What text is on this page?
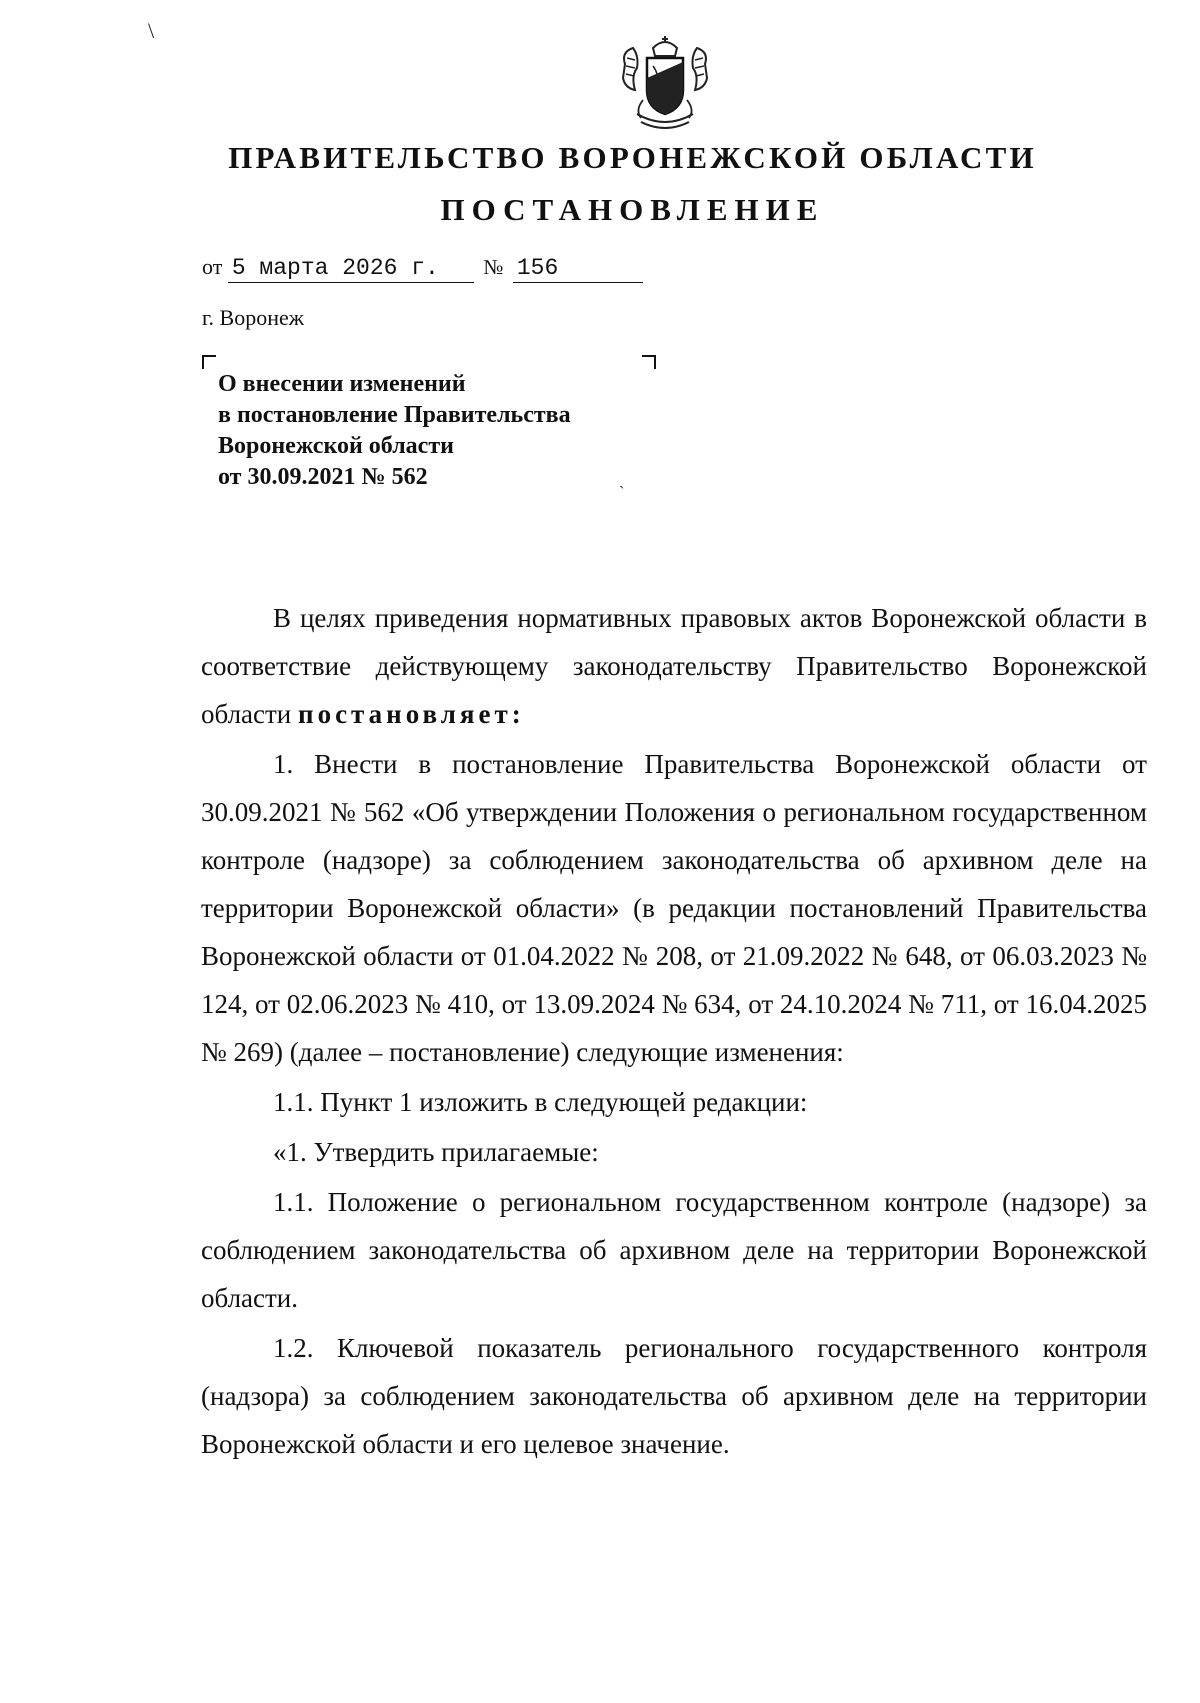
ПРАВИТЕЛЬСТВО ВОРОНЕЖСКОЙ ОБЛАСТИ
ПОСТАНОВЛЕНИЕ
от 5 марта 2026 г. № 156
г. Воронеж
О внесении изменений
в постановление Правительства
Воронежской области
от 30.09.2021 № 562

В целях приведения нормативных правовых актов Воронежской области в соответствие действующему законодательству Правительство Воронежской области постановляет:

1. Внести в постановление Правительства Воронежской области от 30.09.2021 № 562 «Об утверждении Положения о региональном государственном контроле (надзоре) за соблюдением законодательства об архивном деле на территории Воронежской области» (в редакции постановлений Правительства Воронежской области от 01.04.2022 № 208, от 21.09.2022 № 648, от 06.03.2023 № 124, от 02.06.2023 № 410, от 13.09.2024 № 634, от 24.10.2024 № 711, от 16.04.2025 № 269) (далее – постановление) следующие изменения:

1.1. Пункт 1 изложить в следующей редакции:

«1. Утвердить прилагаемые:

1.1. Положение о региональном государственном контроле (надзоре) за соблюдением законодательства об архивном деле на территории Воронежской области.

1.2. Ключевой показатель регионального государственного контроля (надзора) за соблюдением законодательства об архивном деле на территории Воронежской области и его целевое значение.

\
`
